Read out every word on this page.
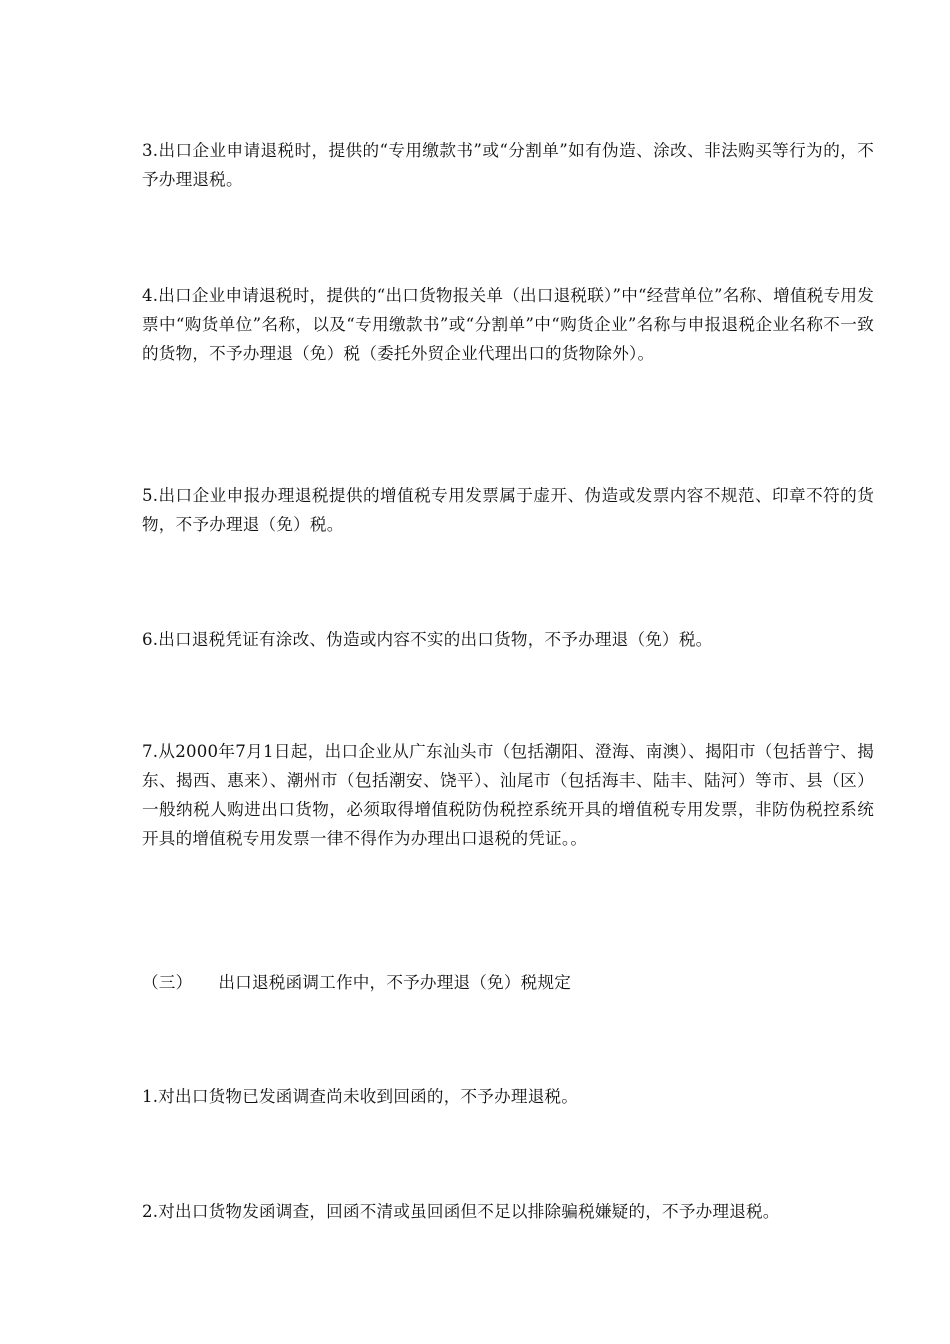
3.出口企业申请退税时，提供的“专用缴款书”或“分割单”如有伪造、涂改、非法购买等行为的，不予办理退税。

4.出口企业申请退税时，提供的“出口货物报关单（出口退税联）”中“经营单位”名称、增值税专用发票中“购货单位”名称，以及“专用缴款书”或“分割单”中“购货企业”名称与申报退税企业名称不一致的货物，不予办理退（免）税（委托外贸企业代理出口的货物除外）。

5.出口企业申报办理退税提供的增值税专用发票属于虚开、伪造或发票内容不规范、印章不符的货物，不予办理退（免）税。

6.出口退税凭证有涂改、伪造或内容不实的出口货物，不予办理退（免）税。

7.从2000年7月1日起，出口企业从广东汕头市（包括潮阳、澄海、南澳）、揭阳市（包括普宁、揭东、揭西、惠来）、潮州市（包括潮安、饶平）、汕尾市（包括海丰、陆丰、陆河）等市、县（区）一般纳税人购进出口货物，必须取得增值税防伪税控系统开具的增值税专用发票，非防伪税控系统开具的增值税专用发票一律不得作为办理出口退税的凭证。。

（三） 出口退税函调工作中，不予办理退（免）税规定

1.对出口货物已发函调查尚未收到回函的，不予办理退税。

2.对出口货物发函调查，回函不清或虽回函但不足以排除骗税嫌疑的，不予办理退税。
